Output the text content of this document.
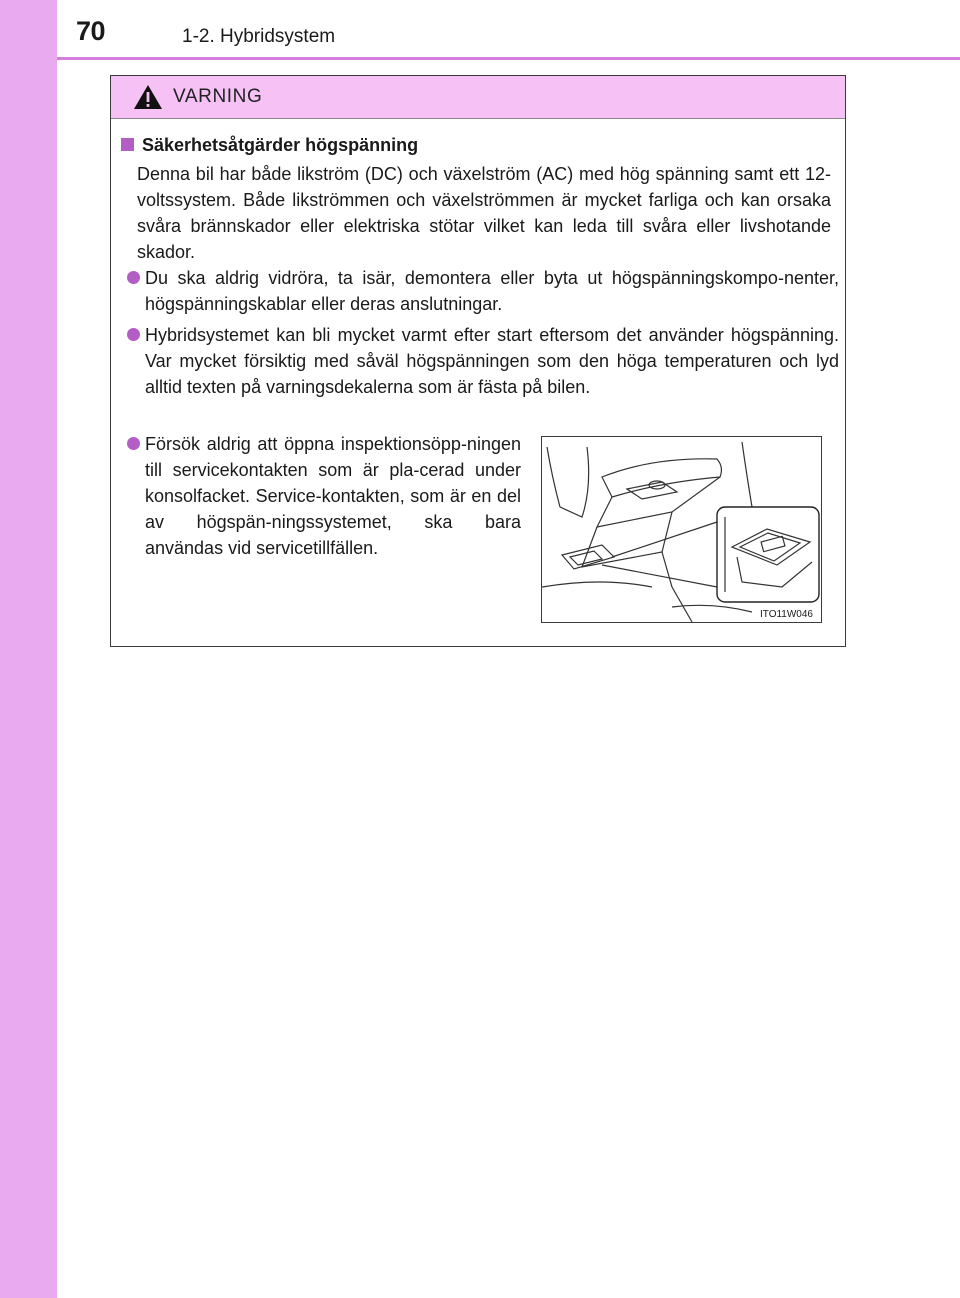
70	1-2. Hybridsystem
VARNING
Säkerhetsåtgärder högspänning
Denna bil har både likström (DC) och växelström (AC) med hög spänning samt ett 12-voltssystem. Både likströmmen och växelströmmen är mycket farliga och kan orsaka svåra brännskador eller elektriska stötar vilket kan leda till svåra eller livshotande skador.
Du ska aldrig vidröra, ta isär, demontera eller byta ut högspänningskompo-nenter, högspänningskablar eller deras anslutningar.
Hybridsystemet kan bli mycket varmt efter start eftersom det använder högspänning. Var mycket försiktig med såväl högspänningen som den höga temperaturen och lyd alltid texten på varningsdekalerna som är fästa på bilen.
Försök aldrig att öppna inspektionsöpp-ningen till servicekontakten som är pla-cerad under konsolfacket. Service-kontakten, som är en del av högspän-ningssystemet, ska bara användas vid servicetillfällen.
ITO11W046
